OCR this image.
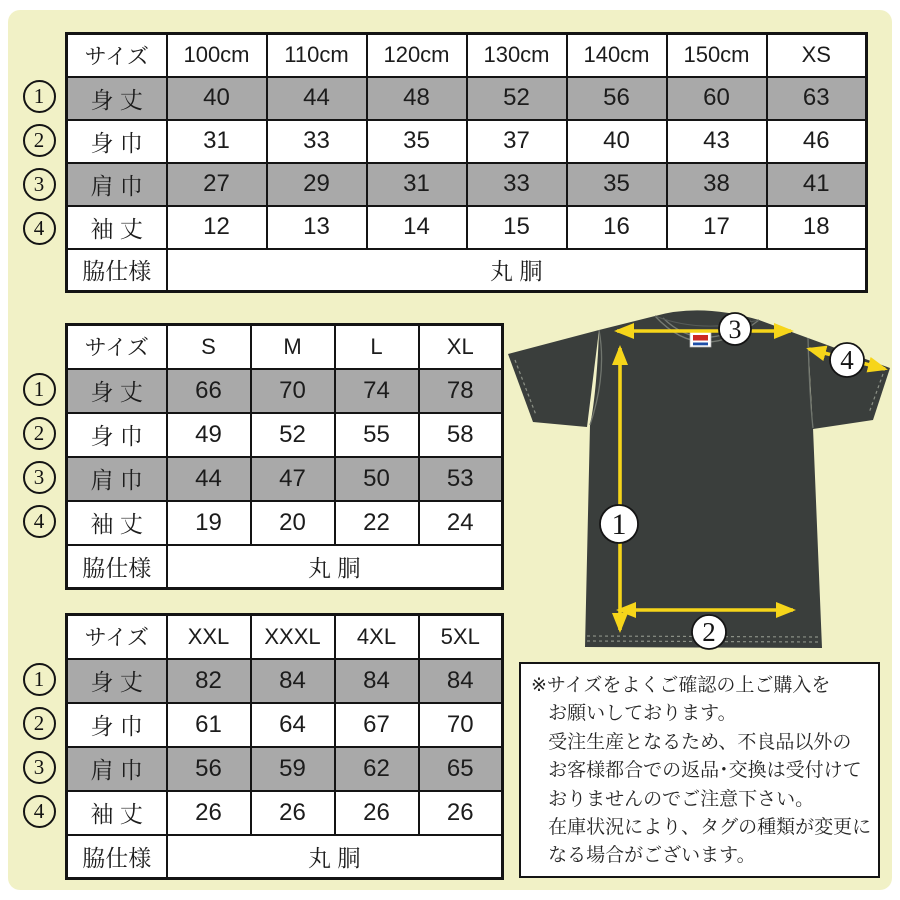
1
2
3
4
1
2
3
4
1
2
3
4
サイズ	100cm	110cm	120cm	130cm	140cm	150cm	XS
身 丈	40	44	48	52	56	60	63
身 巾	31	33	35	37	40	43	46
肩 巾	27	29	31	33	35	38	41
袖 丈	12	13	14	15	16	17	18
脇仕様	丸 胴						
サイズ	S	M	L	XL
身 丈	66	70	74	78
身 巾	49	52	55	58
肩 巾	44	47	50	53
袖 丈	19	20	22	24
脇仕様	丸 胴			
サイズ	XXL	XXXL	4XL	5XL
身 丈	82	84	84	84
身 巾	61	64	67	70
肩 巾	56	59	62	65
袖 丈	26	26	26	26
脇仕様	丸 胴			
3
4
1
2
※サイズをよくご確認の上ご購入を
お願いしております。
受注生産となるため、不良品以外の
お客様都合での返品･交換は受付けて
おりませんのでご注意下さい。
在庫状況により、タグの種類が変更に
なる場合がございます。
